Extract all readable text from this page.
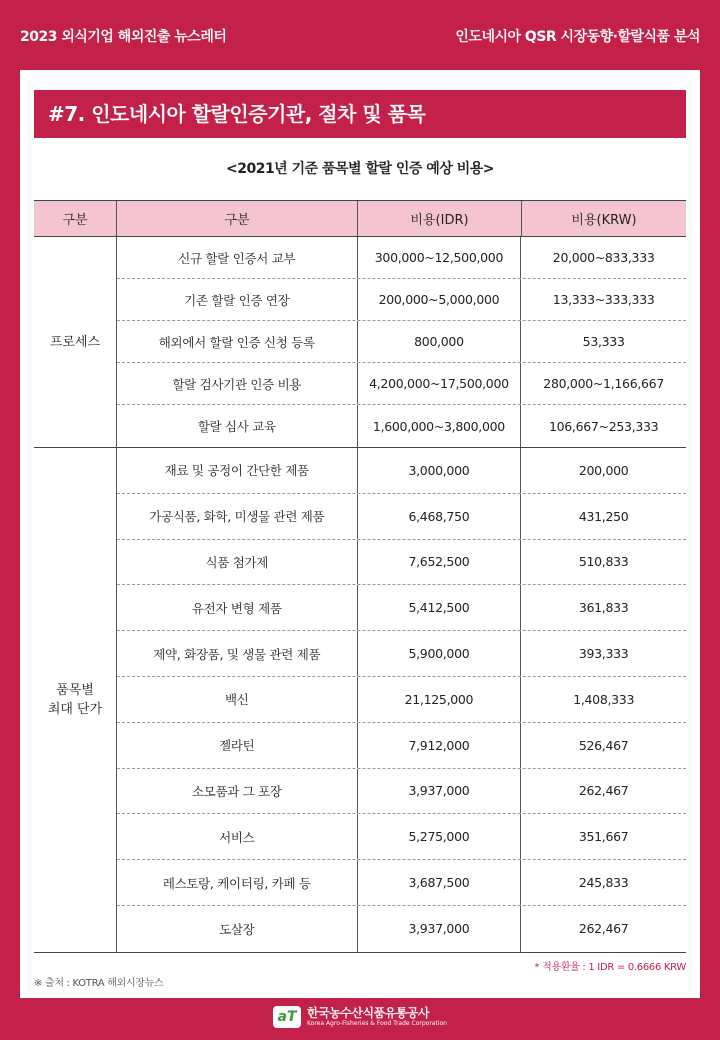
2023 외식기업 해외진출 뉴스레터	인도네시아 QSR 시장동향·할랄식품 분석
#7. 인도네시아 할랄인증기관, 절차 및 품목
<2021년 기준 품목별 할랄 인증 예상 비용>
구분	구분	비용(IDR)	비용(KRW)
프로세스
신규 할랄 인증서 교부	300,000~12,500,000	20,000~833,333
기존 할랄 인증 연장	200,000~5,000,000	13,333~333,333
해외에서 할랄 인증 신청 등록	800,000	53,333
할랄 검사기관 인증 비용	4,200,000~17,500,000	280,000~1,166,667
할랄 심사 교육	1,600,000~3,800,000	106,667~253,333
품목별
최대 단가
재료 및 공정이 간단한 제품	3,000,000	200,000
가공식품, 화학, 미생물 관련 제품	6,468,750	431,250
식품 첨가제	7,652,500	510,833
유전자 변형 제품	5,412,500	361,833
제약, 화장품, 및 생물 관련 제품	5,900,000	393,333
백신	21,125,000	1,408,333
젤라틴	7,912,000	526,467
소모품과 그 포장	3,937,000	262,467
서비스	5,275,000	351,667
레스토랑, 케이터링, 카페 등	3,687,500	245,833
도살장	3,937,000	262,467
* 적용환율 : 1 IDR = 0.6666 KRW
※ 출처 : KOTRA 해외시장뉴스
aT 한국농수산식품유통공사
Korea Agro-Fisheries & Food Trade Corporation
